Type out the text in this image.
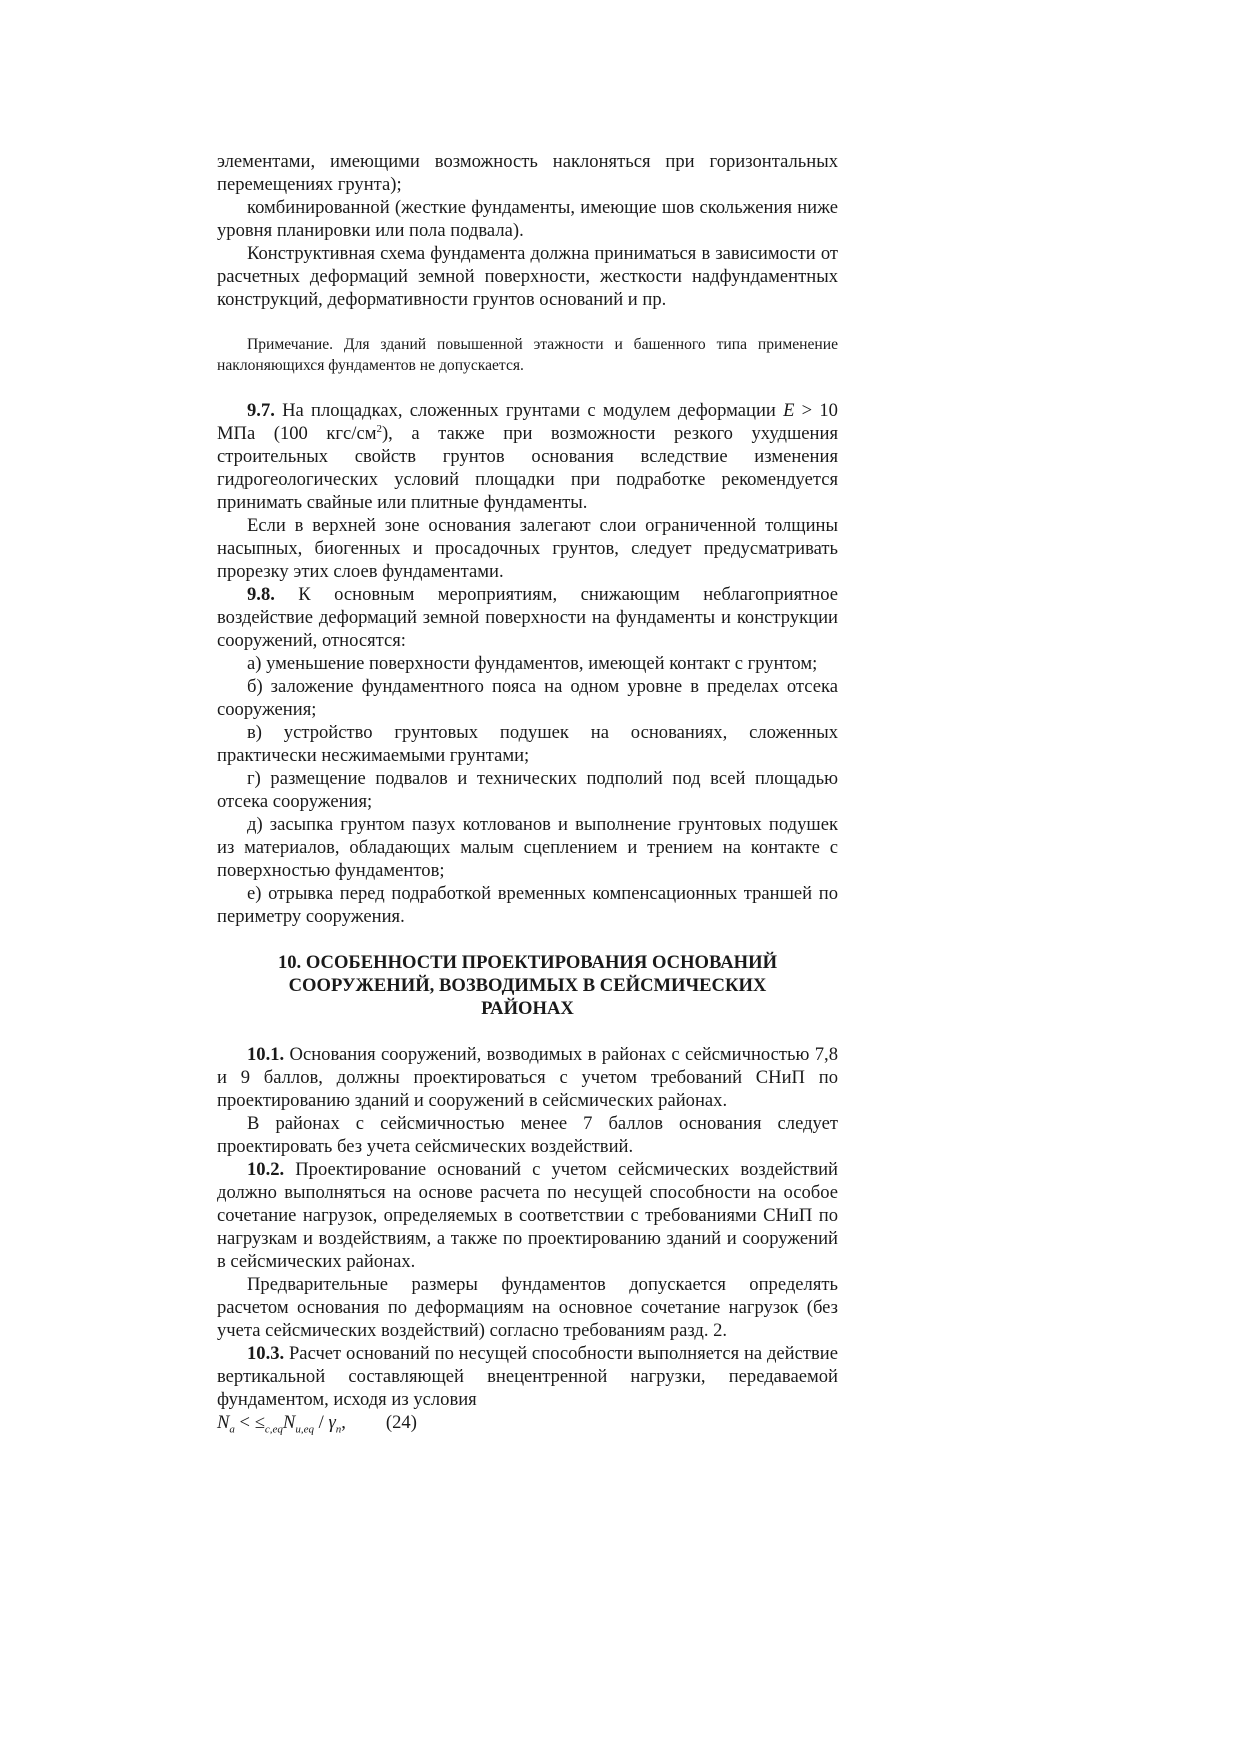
элементами, имеющими возможность наклоняться при горизонтальных перемещениях грунта);

комбинированной (жесткие фундаменты, имеющие шов скольжения ниже уровня планировки или пола подвала).

Конструктивная схема фундамента должна приниматься в зависимости от расчетных деформаций земной поверхности, жесткости надфундаментных конструкций, деформативности грунтов оснований и пр.

Примечание. Для зданий повышенной этажности и башенного типа применение наклоняющихся фундаментов не допускается.

9.7. На площадках, сложенных грунтами с модулем деформации E > 10 МПа (100 кгс/$см^2$), а также при возможности резкого ухудшения строительных свойств грунтов основания вследствие изменения гидрогеологических условий площадки при подработке рекомендуется принимать свайные или плитные фундаменты.

Если в верхней зоне основания залегают слои ограниченной толщины насыпных, биогенных и просадочных грунтов, следует предусматривать прорезку этих слоев фундаментами.

9.8. К основным мероприятиям, снижающим неблагоприятное воздействие деформаций земной поверхности на фундаменты и конструкции сооружений, относятся:

а) уменьшение поверхности фундаментов, имеющей контакт с грунтом;

б) заложение фундаментного пояса на одном уровне в пределах отсека сооружения;

в) устройство грунтовых подушек на основаниях, сложенных практически несжимаемыми грунтами;

г) размещение подвалов и технических подполий под всей площадью отсека сооружения;

д) засыпка грунтом пазух котлованов и выполнение грунтовых подушек из материалов, обладающих малым сцеплением и трением на контакте с поверхностью фундаментов;

е) отрывка перед подработкой временных компенсационных траншей по периметру сооружения.

10. ОСОБЕННОСТИ ПРОЕКТИРОВАНИЯ ОСНОВАНИЙ
СООРУЖЕНИЙ, ВОЗВОДИМЫХ В СЕЙСМИЧЕСКИХ
РАЙОНАХ

10.1. Основания сооружений, возводимых в районах с сейсмичностью 7,8 и 9 баллов, должны проектироваться с учетом требований СНиП по проектированию зданий и сооружений в сейсмических районах.

В районах с сейсмичностью менее 7 баллов основания следует проектировать без учета сейсмических воздействий.

10.2. Проектирование оснований с учетом сейсмических воздействий должно выполняться на основе расчета по несущей способности на особое сочетание нагрузок, определяемых в соответствии с требованиями СНиП по нагрузкам и воздействиям, а также по проектированию зданий и сооружений в сейсмических районах.

Предварительные размеры фундаментов допускается определять расчетом основания по деформациям на основное сочетание нагрузок (без учета сейсмических воздействий) согласно требованиям разд. 2.

10.3. Расчет оснований по несущей способности выполняется на действие вертикальной составляющей внецентренной нагрузки, передаваемой фундаментом, исходя из условия

$N_a < \le_{c,eq}N_{u,eq} / \gamma_n$, (24)
